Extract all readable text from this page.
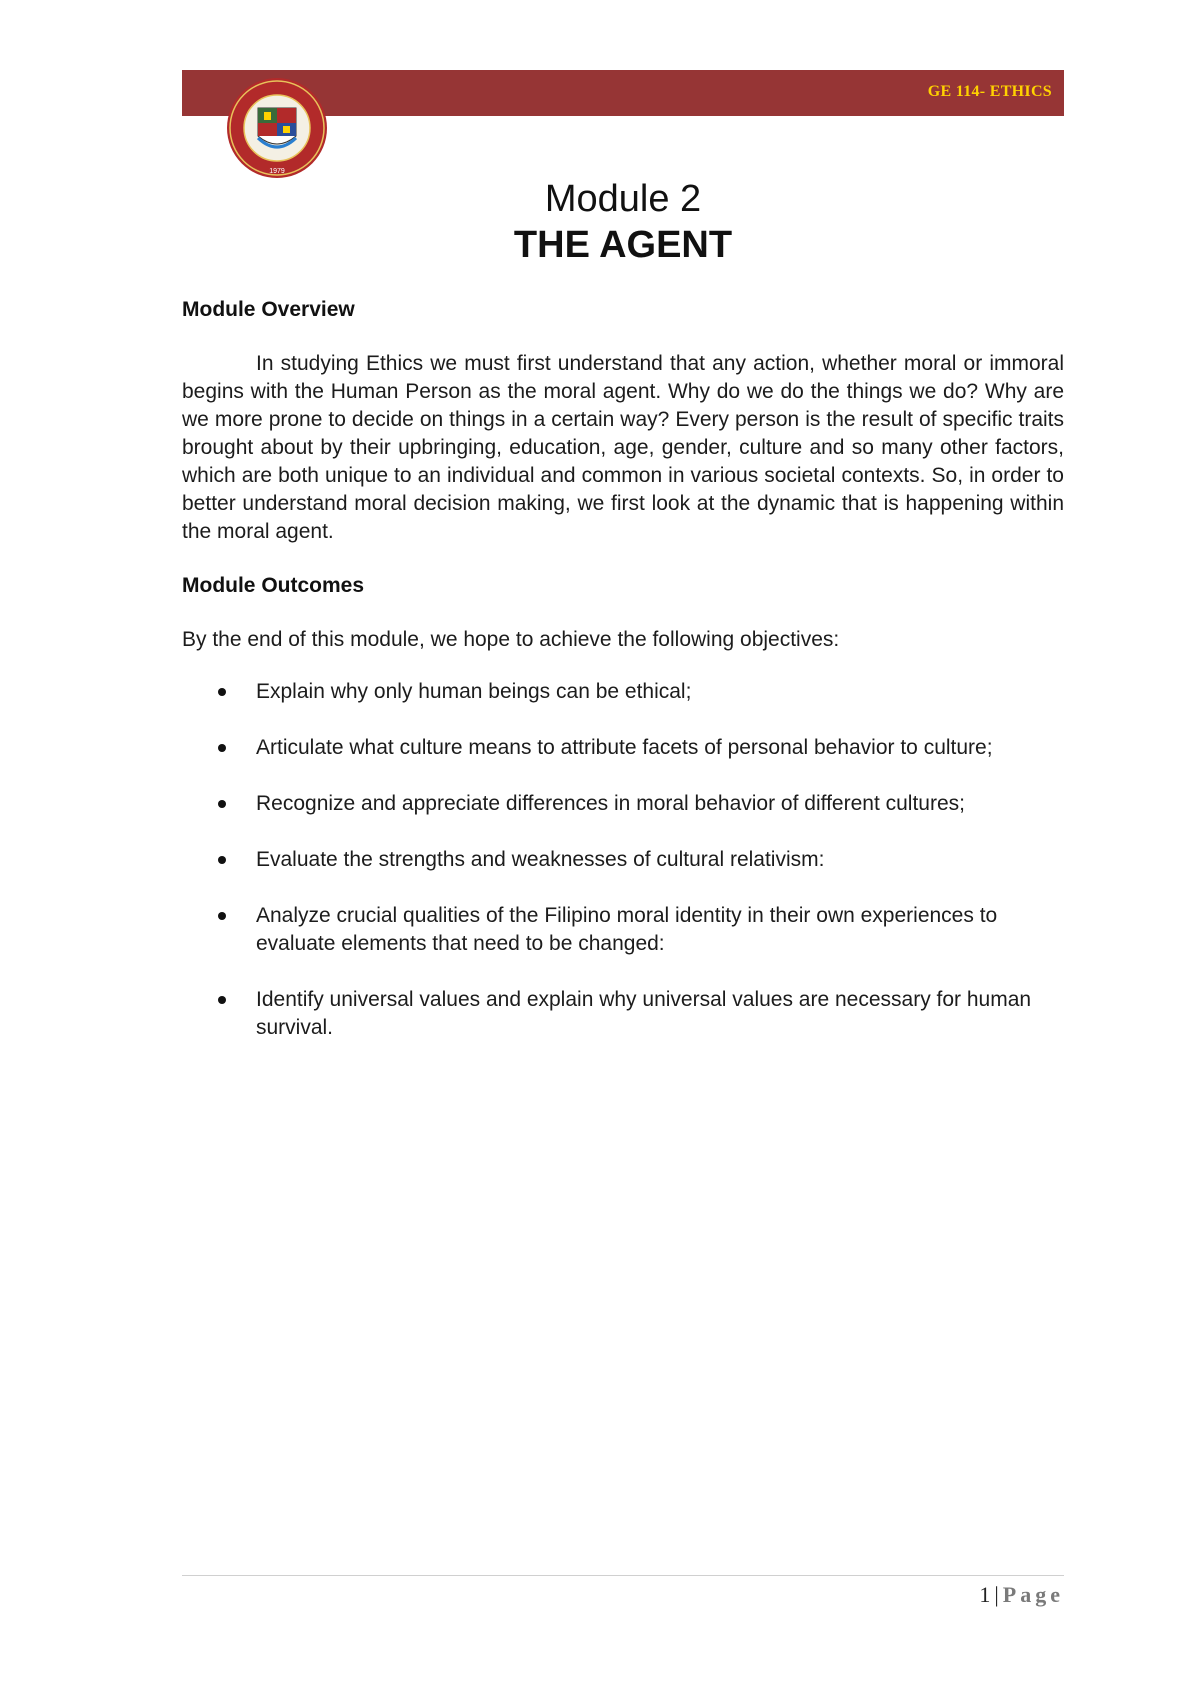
GE 114- ETHICS
1979
Module 2
THE AGENT
Module Overview

In studying Ethics we must first understand that any action, whether moral or immoral begins with the Human Person as the moral agent. Why do we do the things we do? Why are we more prone to decide on things in a certain way? Every person is the result of specific traits brought about by their upbringing, education, age, gender, culture and so many other factors, which are both unique to an individual and common in various societal contexts. So, in order to better understand moral decision making, we first look at the dynamic that is happening within the moral agent.

Module Outcomes

By the end of this module, we hope to achieve the following objectives:

Explain why only human beings can be ethical;
Articulate what culture means to attribute facets of personal behavior to culture;
Recognize and appreciate differences in moral behavior of different cultures;
Evaluate the strengths and weaknesses of cultural relativism:
Analyze crucial qualities of the Filipino moral identity in their own experiences to evaluate elements that need to be changed:
Identify universal values and explain why universal values are necessary for human survival.
1 | Page
